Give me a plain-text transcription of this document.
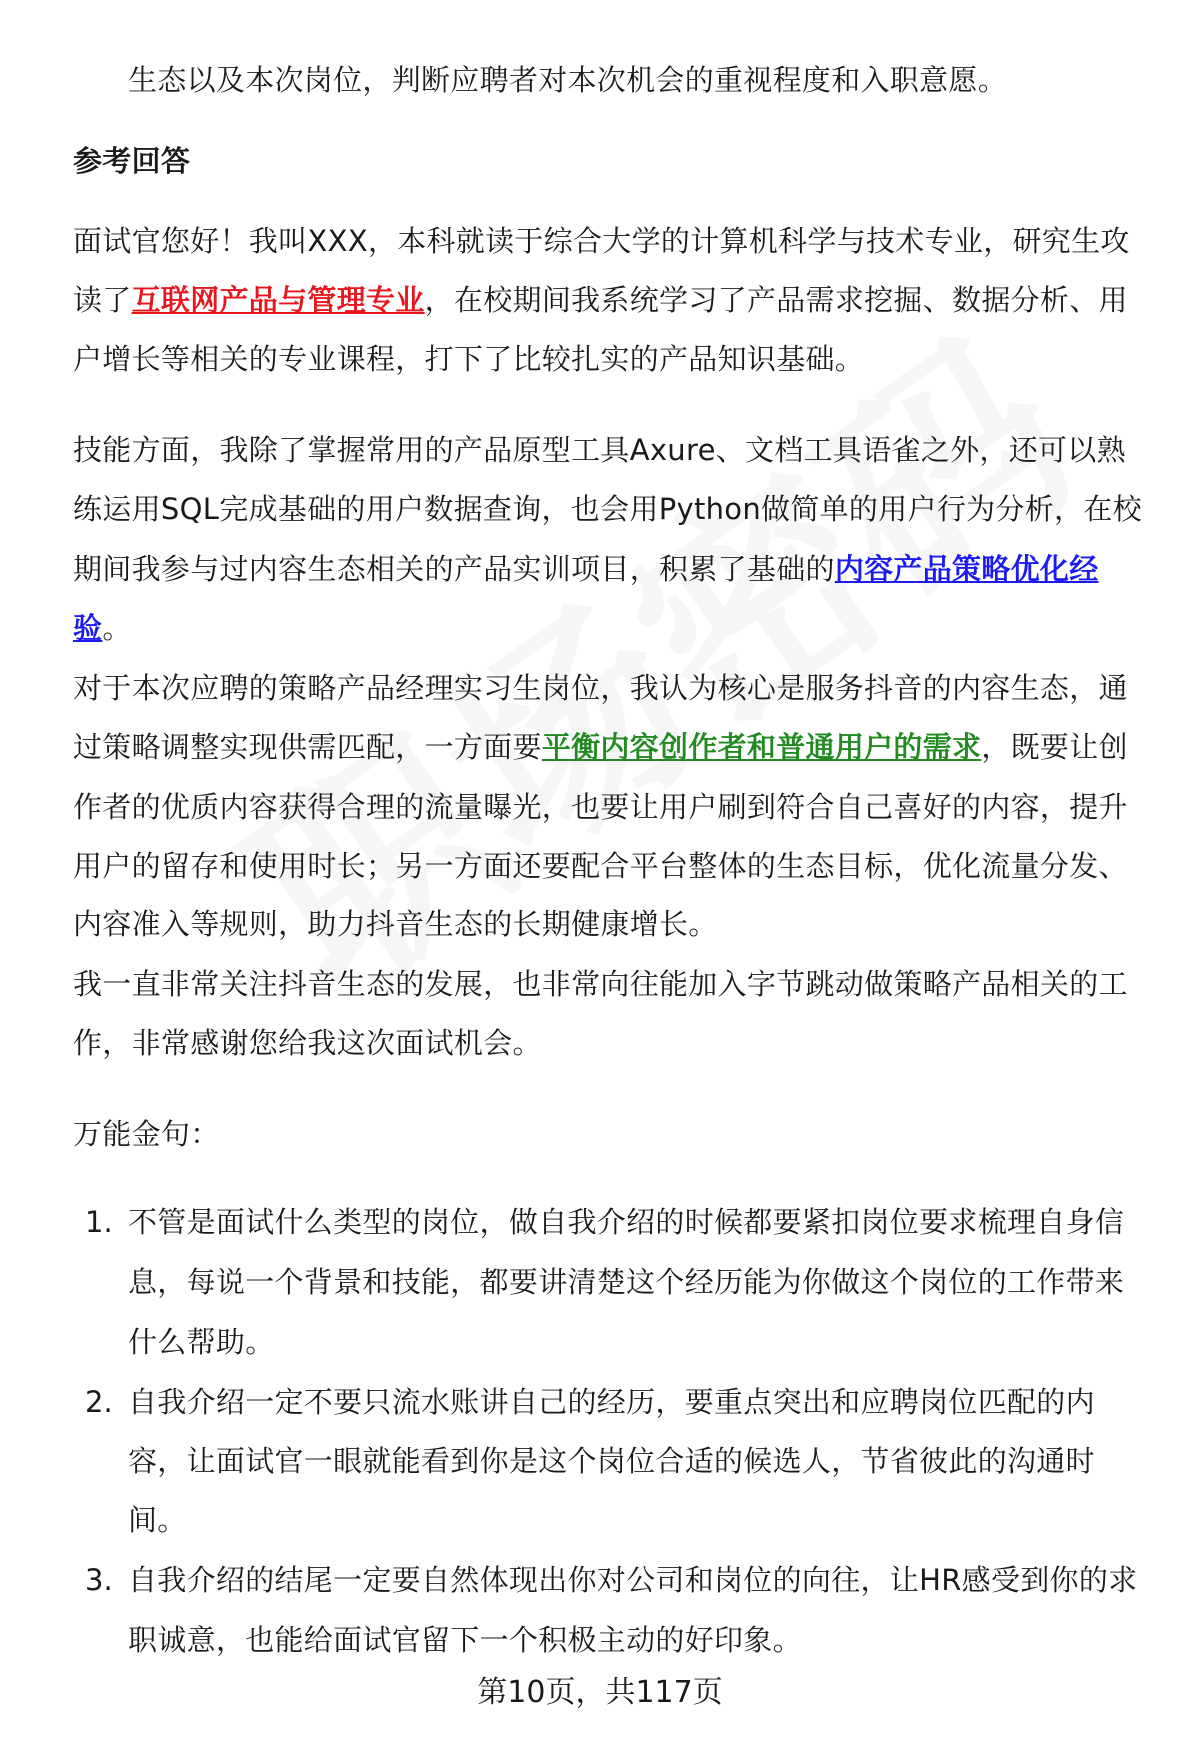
生态以及本次岗位，判断应聘者对本次机会的重视程度和入职意愿。
参考回答
面试官您好！我叫XXX，本科就读于综合大学的计算机科学与技术专业，研究生攻
读了互联网产品与管理专业，在校期间我系统学习了产品需求挖掘、数据分析、用
户增长等相关的专业课程，打下了比较扎实的产品知识基础。
技能方面，我除了掌握常用的产品原型工具Axure、文档工具语雀之外，还可以熟
练运用SQL完成基础的用户数据查询，也会用Python做简单的用户行为分析，在校
期间我参与过内容生态相关的产品实训项目，积累了基础的内容产品策略优化经
验。
对于本次应聘的策略产品经理实习生岗位，我认为核心是服务抖音的内容生态，通
过策略调整实现供需匹配，一方面要平衡内容创作者和普通用户的需求，既要让创
作者的优质内容获得合理的流量曝光，也要让用户刷到符合自己喜好的内容，提升
用户的留存和使用时长；另一方面还要配合平台整体的生态目标，优化流量分发、
内容准入等规则，助力抖音生态的长期健康增长。
我一直非常关注抖音生态的发展，也非常向往能加入字节跳动做策略产品相关的工
作，非常感谢您给我这次面试机会。
万能金句：
1. 不管是面试什么类型的岗位，做自我介绍的时候都要紧扣岗位要求梳理自身信
息，每说一个背景和技能，都要讲清楚这个经历能为你做这个岗位的工作带来
什么帮助。
2. 自我介绍一定不要只流水账讲自己的经历，要重点突出和应聘岗位匹配的内
容，让面试官一眼就能看到你是这个岗位合适的候选人，节省彼此的沟通时
间。
3. 自我介绍的结尾一定要自然体现出你对公司和岗位的向往，让HR感受到你的求
职诚意，也能给面试官留下一个积极主动的好印象。
第10页，共117页
